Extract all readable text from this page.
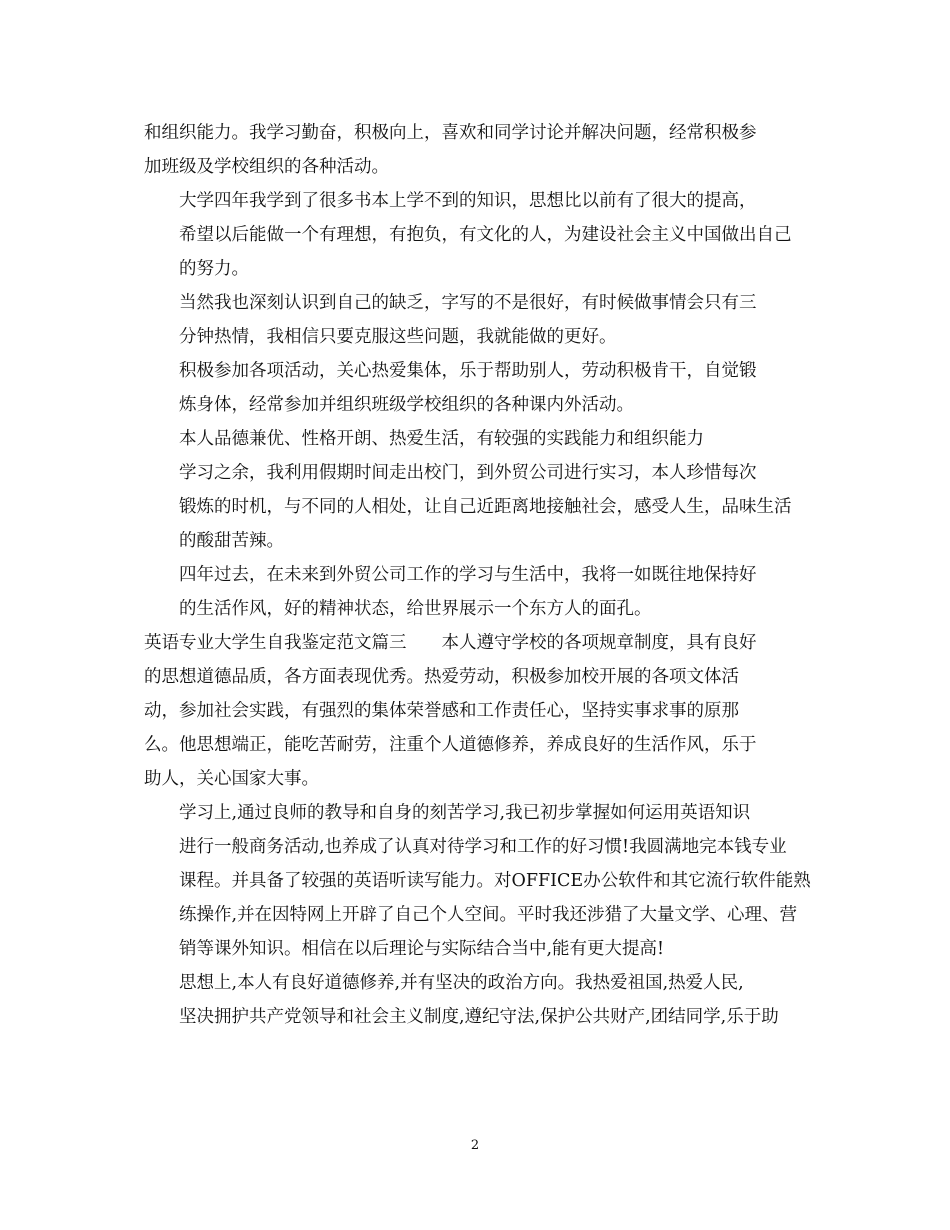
和组织能力。我学习勤奋，积极向上，喜欢和同学讨论并解决问题，经常积极参
加班级及学校组织的各种活动。
大学四年我学到了很多书本上学不到的知识，思想比以前有了很大的提高，
希望以后能做一个有理想，有抱负，有文化的人，为建设社会主义中国做出自己
的努力。
当然我也深刻认识到自己的缺乏，字写的不是很好，有时候做事情会只有三
分钟热情，我相信只要克服这些问题，我就能做的更好。
积极参加各项活动，关心热爱集体，乐于帮助别人，劳动积极肯干，自觉锻
炼身体，经常参加并组织班级学校组织的各种课内外活动。
本人品德兼优、性格开朗、热爱生活，有较强的实践能力和组织能力
学习之余，我利用假期时间走出校门，到外贸公司进行实习，本人珍惜每次
锻炼的时机，与不同的人相处，让自己近距离地接触社会，感受人生，品味生活
的酸甜苦辣。
四年过去，在未来到外贸公司工作的学习与生活中，我将一如既往地保持好
的生活作风，好的精神状态，给世界展示一个东方人的面孔。
英语专业大学生自我鉴定范文篇三　　本人遵守学校的各项规章制度，具有良好
的思想道德品质，各方面表现优秀。热爱劳动，积极参加校开展的各项文体活
动，参加社会实践，有强烈的集体荣誉感和工作责任心，坚持实事求事的原那
么。他思想端正，能吃苦耐劳，注重个人道德修养，养成良好的生活作风，乐于
助人，关心国家大事。
学习上,通过良师的教导和自身的刻苦学习,我已初步掌握如何运用英语知识
进行一般商务活动,也养成了认真对待学习和工作的好习惯!我圆满地完本钱专业
课程。并具备了较强的英语听读写能力。对OFFICE办公软件和其它流行软件能熟
练操作,并在因特网上开辟了自己个人空间。平时我还涉猎了大量文学、心理、营
销等课外知识。相信在以后理论与实际结合当中,能有更大提高!
思想上,本人有良好道德修养,并有坚决的政治方向。我热爱祖国,热爱人民,
坚决拥护共产党领导和社会主义制度,遵纪守法,保护公共财产,团结同学,乐于助
2
